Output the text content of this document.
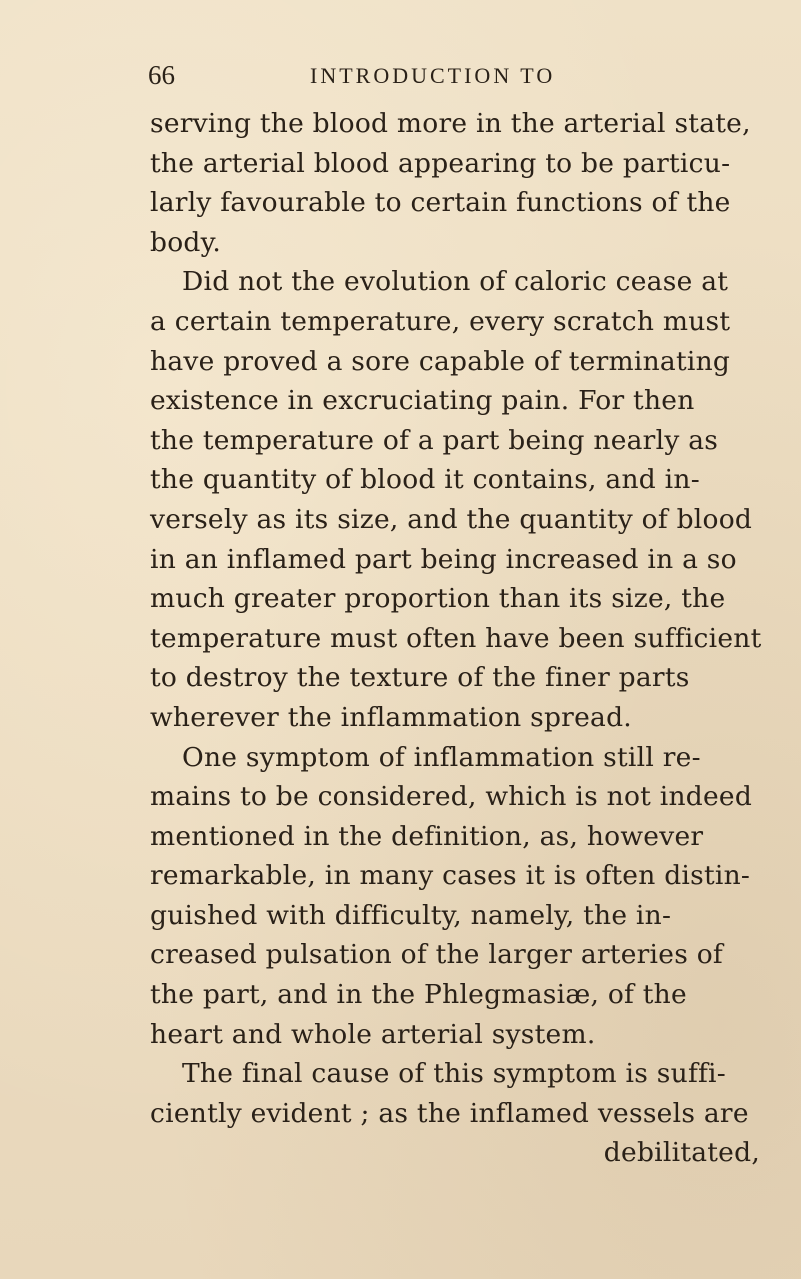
66	INTRODUCTION TO
serving the blood more in the arterial state,
the arterial blood appearing to be particu-
larly favourable to certain functions of the
body.
Did not the evolution of caloric cease at
a certain temperature, every scratch must
have proved a sore capable of terminating
existence in excruciating pain. For then
the temperature of a part being nearly as
the quantity of blood it contains, and in-
versely as its size, and the quantity of blood
in an inflamed part being increased in a so
much greater proportion than its size, the
temperature must often have been sufficient
to destroy the texture of the finer parts
wherever the inflammation spread.
One symptom of inflammation still re-
mains to be considered, which is not indeed
mentioned in the definition, as, however
remarkable, in many cases it is often distin-
guished with difficulty, namely, the in-
creased pulsation of the larger arteries of
the part, and in the Phlegmasiæ, of the
heart and whole arterial system.
The final cause of this symptom is suffi-
ciently evident ; as the inflamed vessels are
debilitated,
